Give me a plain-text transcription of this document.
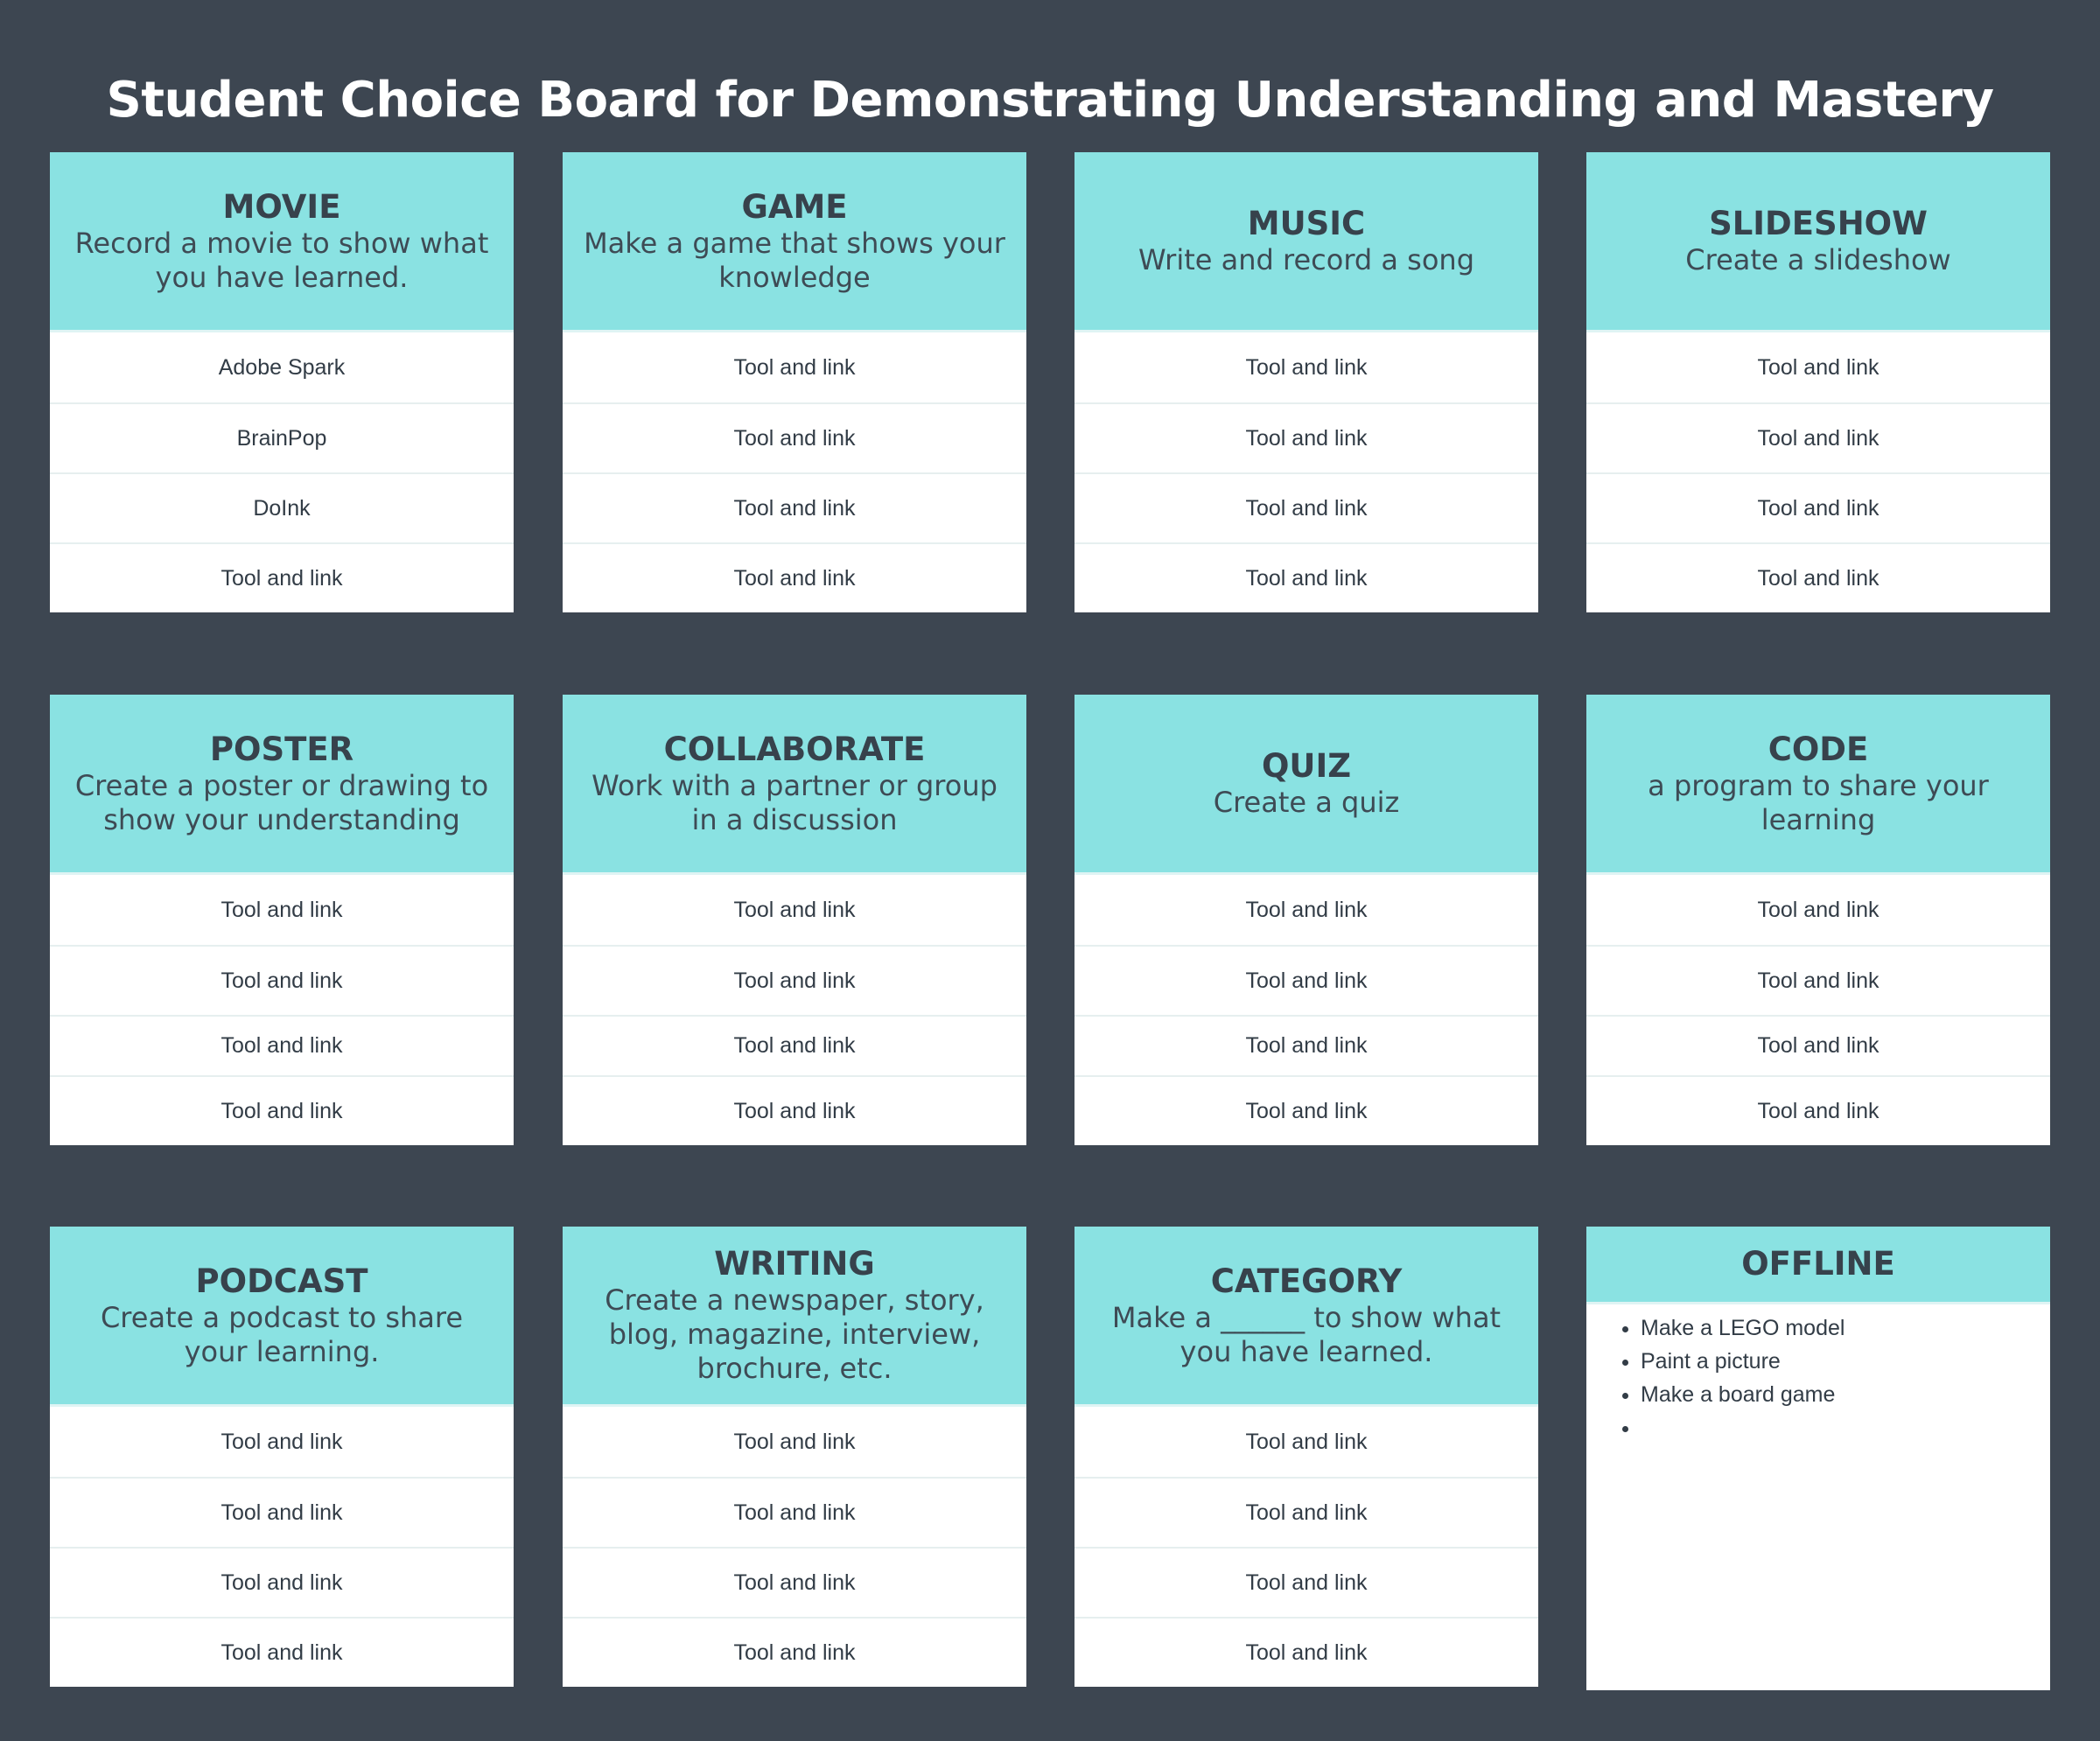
Student Choice Board for Demonstrating Understanding and Mastery
MOVIE
Record a movie to show what you have learned.
Adobe Spark
BrainPop
DoInk
Tool and link
GAME
Make a game that shows your knowledge
Tool and link
Tool and link
Tool and link
Tool and link
MUSIC
Write and record a song
Tool and link
Tool and link
Tool and link
Tool and link
SLIDESHOW
Create a slideshow
Tool and link
Tool and link
Tool and link
Tool and link
POSTER
Create a poster or drawing to show your understanding
Tool and link
Tool and link
Tool and link
Tool and link
COLLABORATE
Work with a partner or group in a discussion
Tool and link
Tool and link
Tool and link
Tool and link
QUIZ
Create a quiz
Tool and link
Tool and link
Tool and link
Tool and link
CODE
a program to share your learning
Tool and link
Tool and link
Tool and link
Tool and link
PODCAST
Create a podcast to share your learning.
Tool and link
Tool and link
Tool and link
Tool and link
WRITING
Create a newspaper, story, blog, magazine, interview, brochure, etc.
Tool and link
Tool and link
Tool and link
Tool and link
CATEGORY
Make a ______ to show what you have learned.
Tool and link
Tool and link
Tool and link
Tool and link
OFFLINE
• Make a LEGO model
• Paint a picture
• Make a board game
•
